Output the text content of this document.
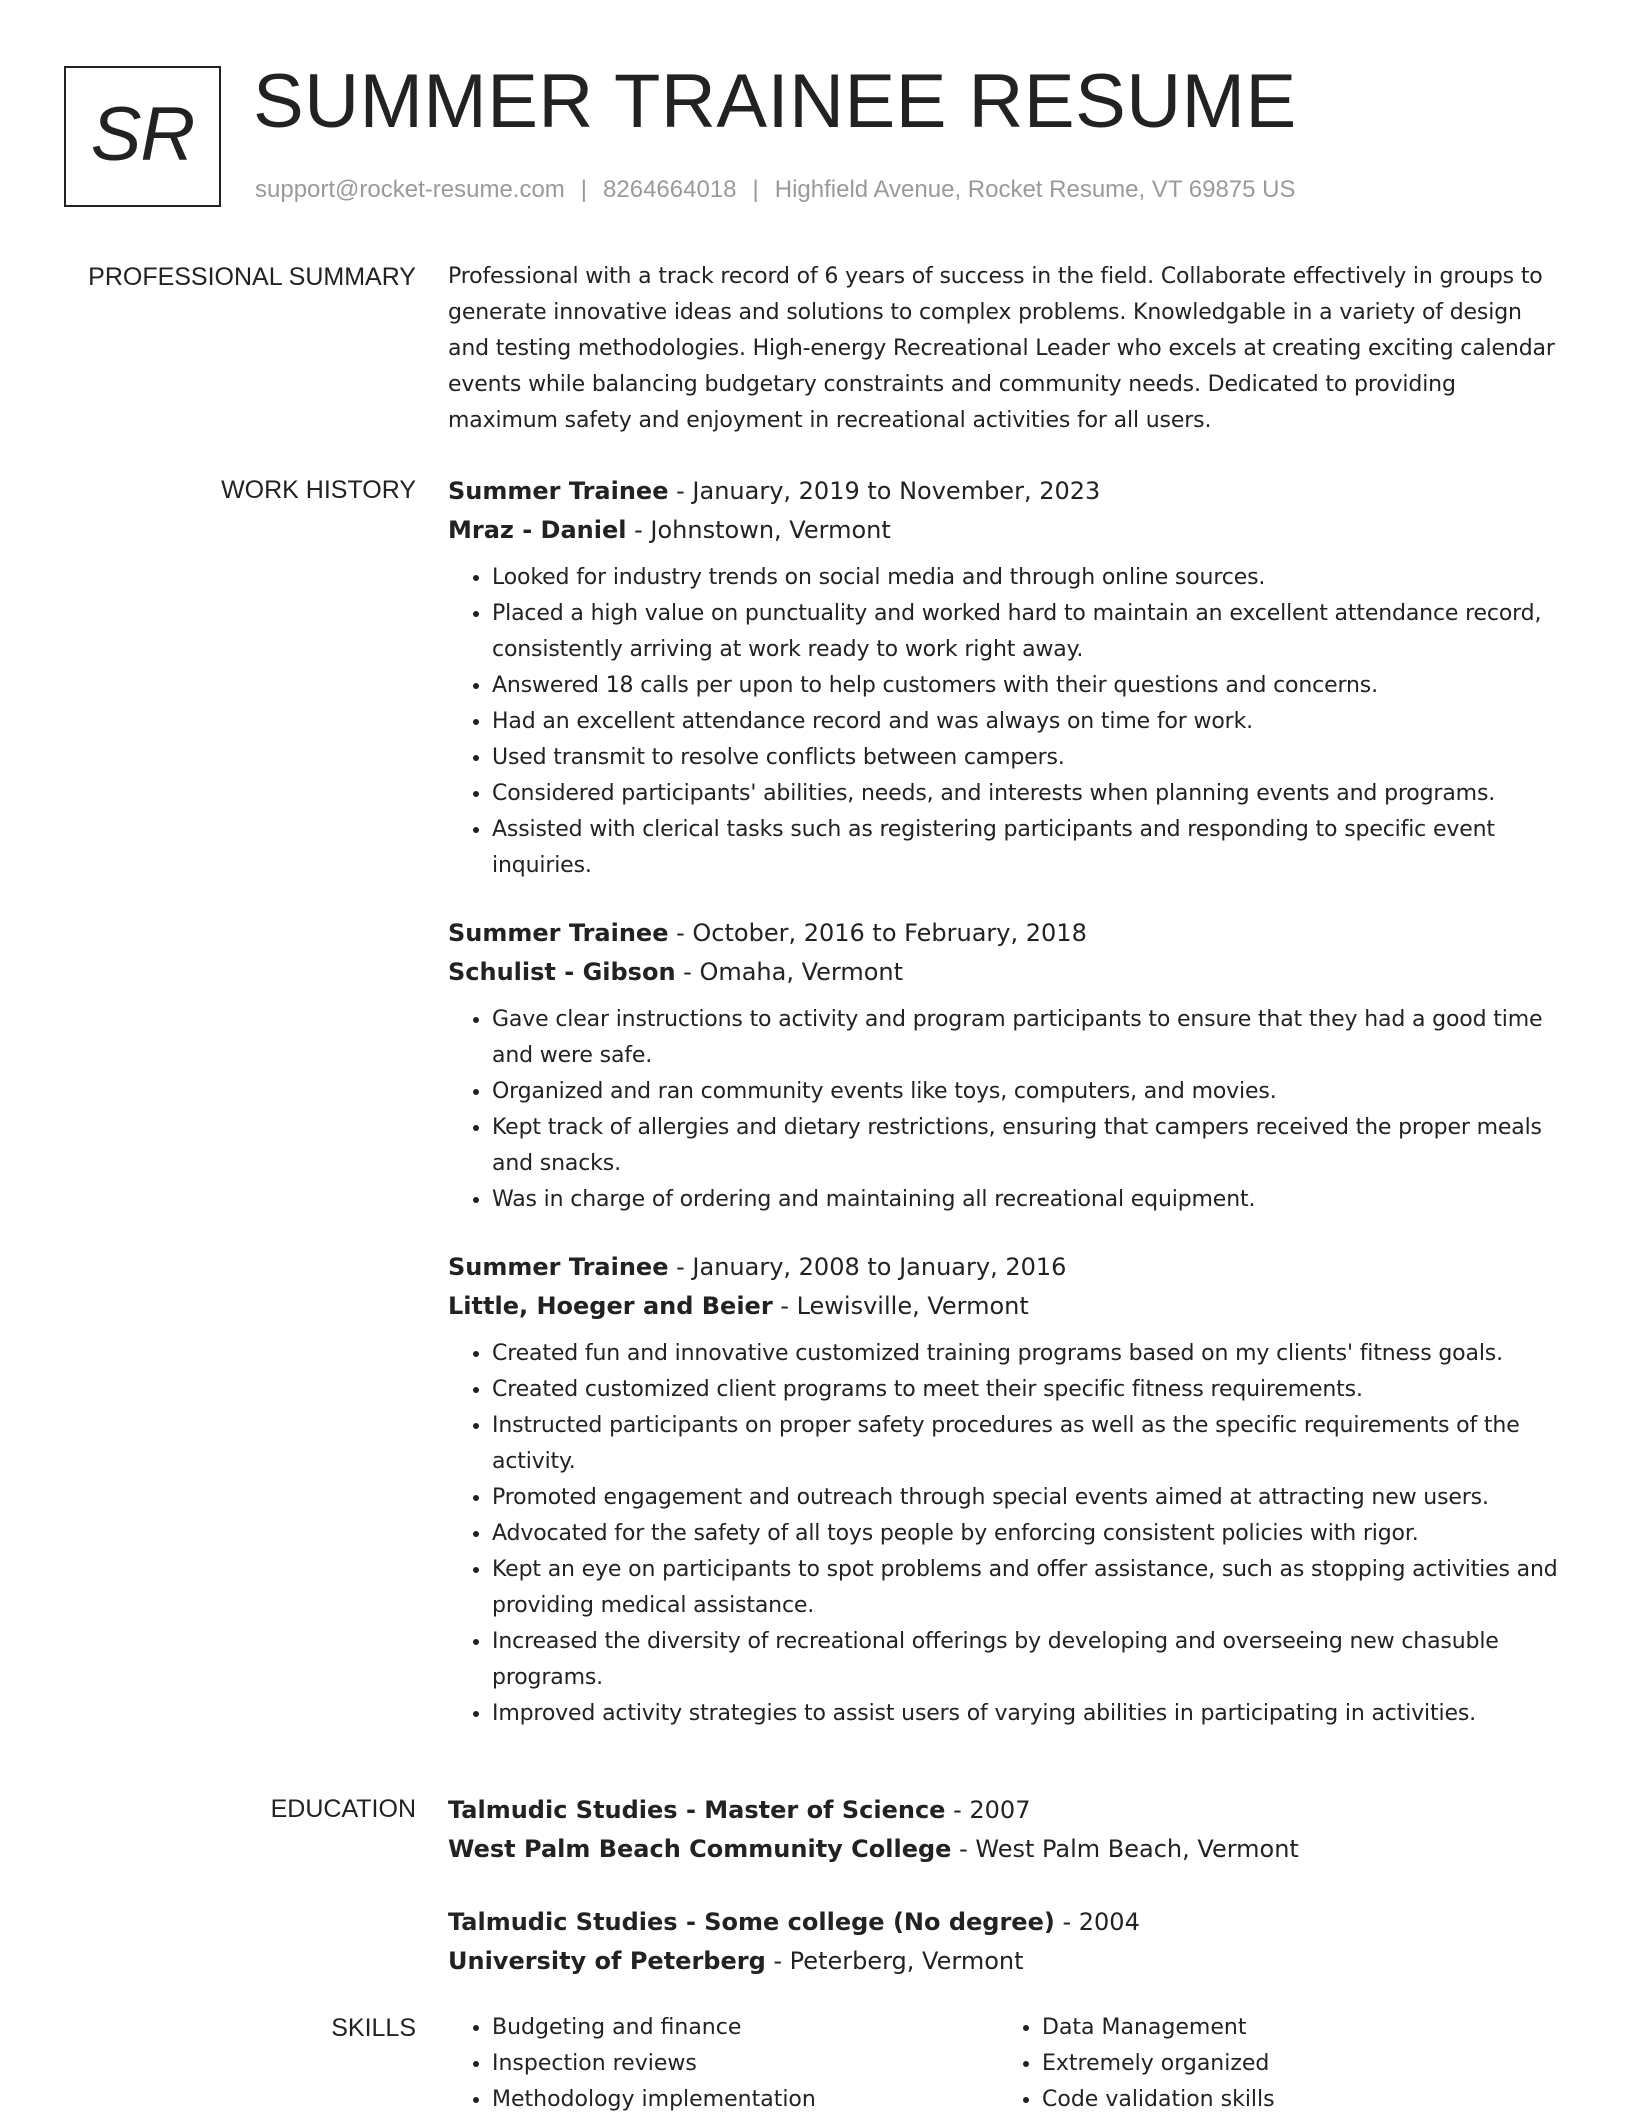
SR SUMMER TRAINEE RESUME
support@rocket-resume.com | 8264664018 | Highfield Avenue, Rocket Resume, VT 69875 US
PROFESSIONAL SUMMARY Professional with a track record of 6 years of success in the field. Collaborate effectively in groups to generate innovative ideas and solutions to complex problems. Knowledgable in a variety of design and testing methodologies. High-energy Recreational Leader who excels at creating exciting calendar events while balancing budgetary constraints and community needs. Dedicated to providing maximum safety and enjoyment in recreational activities for all users.

WORK HISTORY Summer Trainee - January, 2019 to November, 2023
Mraz - Daniel - Johnstown, Vermont
• Looked for industry trends on social media and through online sources.
• Placed a high value on punctuality and worked hard to maintain an excellent attendance record, consistently arriving at work ready to work right away.
• Answered 18 calls per upon to help customers with their questions and concerns.
• Had an excellent attendance record and was always on time for work.
• Used transmit to resolve conflicts between campers.
• Considered participants' abilities, needs, and interests when planning events and programs.
• Assisted with clerical tasks such as registering participants and responding to specific event inquiries.
Summer Trainee - October, 2016 to February, 2018
Schulist - Gibson - Omaha, Vermont
• Gave clear instructions to activity and program participants to ensure that they had a good time and were safe.
• Organized and ran community events like toys, computers, and movies.
• Kept track of allergies and dietary restrictions, ensuring that campers received the proper meals and snacks.
• Was in charge of ordering and maintaining all recreational equipment.
Summer Trainee - January, 2008 to January, 2016
Little, Hoeger and Beier - Lewisville, Vermont
• Created fun and innovative customized training programs based on my clients' fitness goals.
• Created customized client programs to meet their specific fitness requirements.
• Instructed participants on proper safety procedures as well as the specific requirements of the activity.
• Promoted engagement and outreach through special events aimed at attracting new users.
• Advocated for the safety of all toys people by enforcing consistent policies with rigor.
• Kept an eye on participants to spot problems and offer assistance, such as stopping activities and providing medical assistance.
• Increased the diversity of recreational offerings by developing and overseeing new chasuble programs.
• Improved activity strategies to assist users of varying abilities in participating in activities.
EDUCATION Talmudic Studies - Master of Science - 2007
West Palm Beach Community College - West Palm Beach, Vermont
Talmudic Studies - Some college (No degree) - 2004
University of Peterberg - Peterberg, Vermont
SKILLS
•	Budgeting and finance
• Inspection reviews
• Methodology implementation
• Data Management
• Extremely organized
• Code validation skills
